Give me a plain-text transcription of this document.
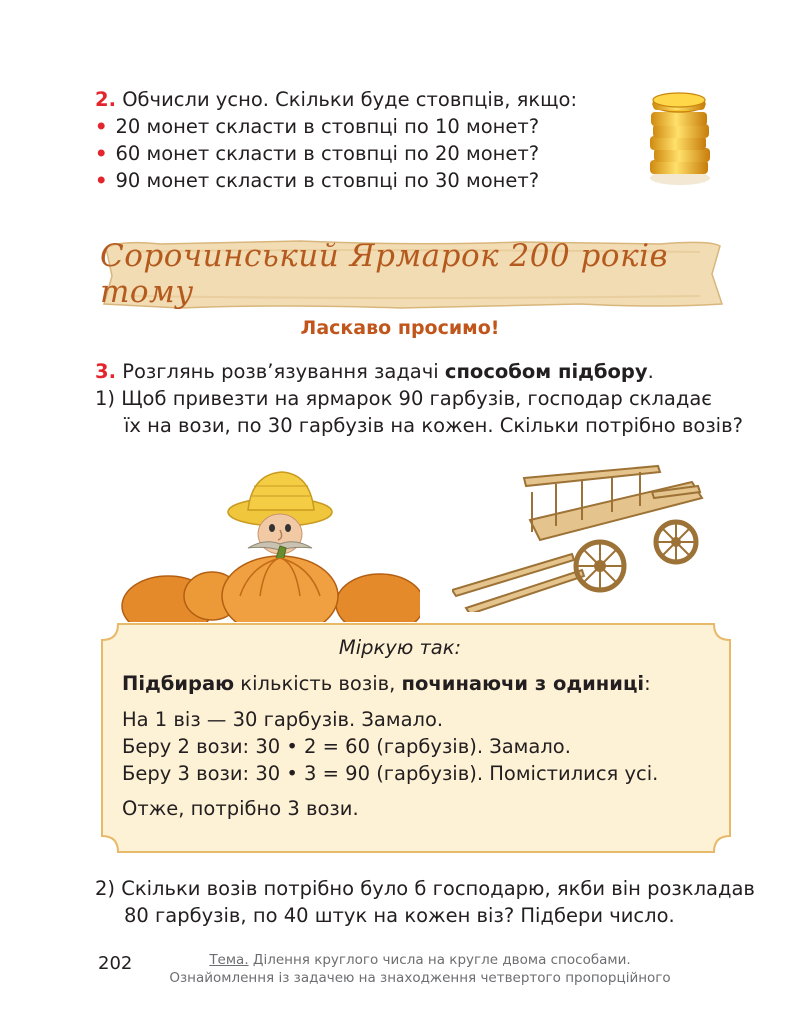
2. Обчисли усно. Скільки буде стовпців, якщо:
• 20 монет скласти в стовпці по 10 монет?
• 60 монет скласти в стовпці по 20 монет?
• 90 монет скласти в стовпці по 30 монет?
Сорочинський Ярмарок 200 років тому
Ласкаво просимо!
3. Розглянь розв’язування задачі способом підбору.
1) Щоб привезти на ярмарок 90 гарбузів, господар складає
їх на вози, по 30 гарбузів на кожен. Скільки потрібно возів?
Міркую так:
Підбираю кількість возів, починаючи з одиниці:
На 1 віз — 30 гарбузів. Замало.
Беру 2 вози: 30 • 2 = 60 (гарбузів). Замало.
Беру 3 вози: 30 • 3 = 90 (гарбузів). Помістилися усі.
Отже, потрібно 3 вози.
2) Скільки возів потрібно було б господарю, якби він розкладав
80 гарбузів, по 40 штук на кожен віз? Підбери число.
202	Тема. Ділення круглого числа на кругле двома способами.
Ознайомлення із задачею на знаходження четвертого пропорційного
